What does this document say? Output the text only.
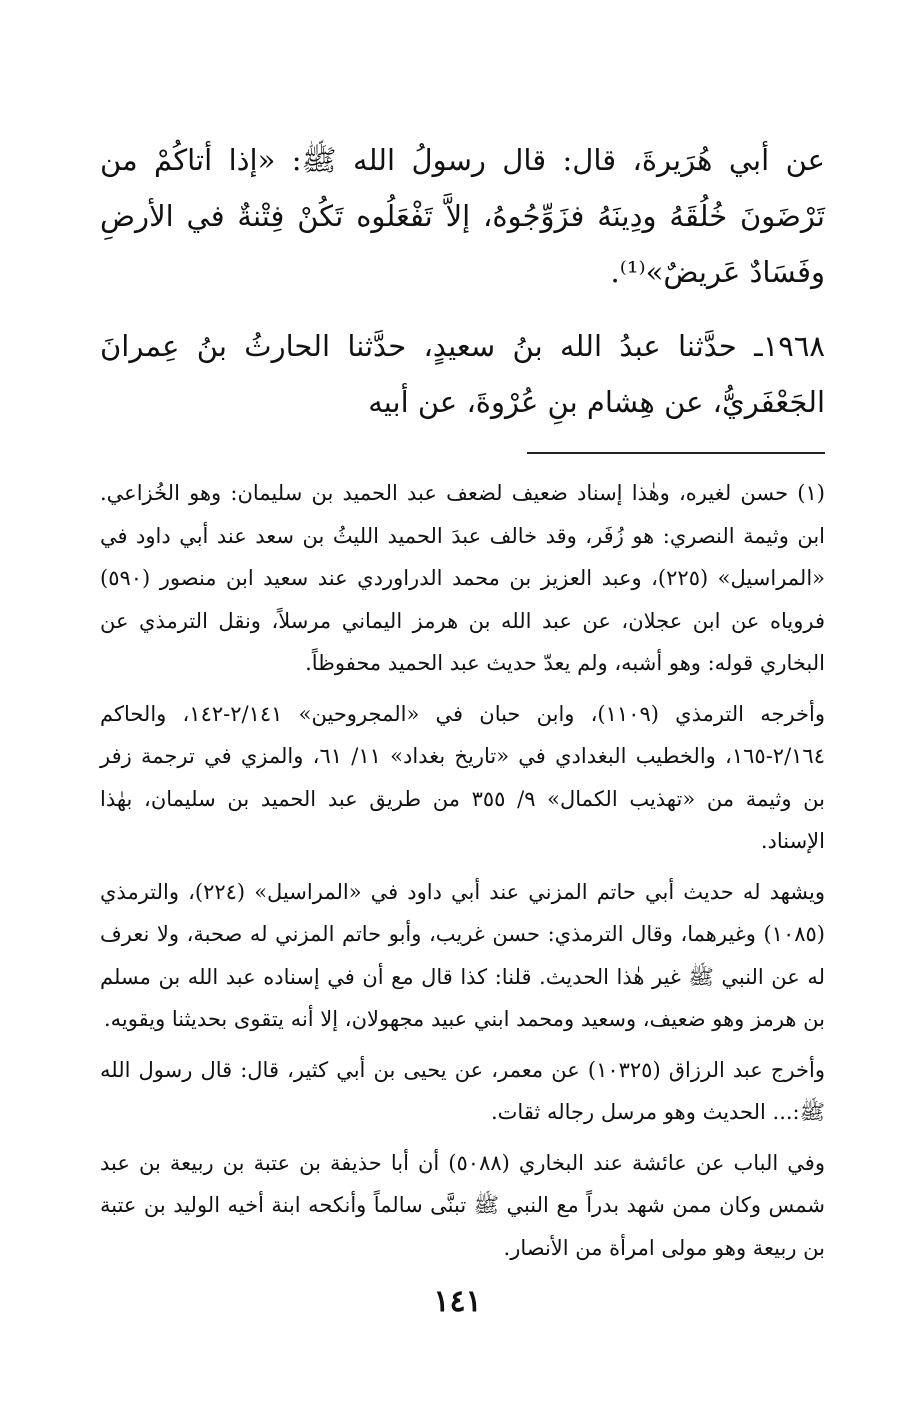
عن أبي هُرَيرةَ، قال: قال رسولُ الله ﷺ: «إذا أتاكُمْ من تَرْضَونَ خُلُقَهُ ودِينَهُ فزَوِّجُوهُ، إلاَّ تَفْعَلُوه تَكُنْ فِتْنةٌ في الأرضِ وفَسَادٌ عَريضٌ»⁽¹⁾.

١٩٦٨ـ حدَّثنا عبدُ الله بنُ سعيدٍ، حدَّثنا الحارثُ بنُ عِمرانَ الجَعْفَريُّ، عن هِشام بنِ عُرْوةَ، عن أبيه

(١) حسن لغيره، وهٰذا إسناد ضعيف لضعف عبد الحميد بن سليمان: وهو الخُزاعي. ابن وثيمة النصري: هو زُفَر، وقد خالف عبدَ الحميد الليثُ بن سعد عند أبي داود في «المراسيل» (٢٢٥)، وعبد العزيز بن محمد الدراوردي عند سعيد ابن منصور (٥٩٠) فروياه عن ابن عجلان، عن عبد الله بن هرمز اليماني مرسلاً، ونقل الترمذي عن البخاري قوله: وهو أشبه، ولم يعدّ حديث عبد الحميد محفوظاً.

وأخرجه الترمذي (١١٠٩)، وابن حبان في «المجروحين» ٢/١٤١-١٤٢، والحاكم ٢/١٦٤-١٦٥، والخطيب البغدادي في «تاريخ بغداد» ١١/ ٦١، والمزي في ترجمة زفر بن وثيمة من «تهذيب الكمال» ٩/ ٣٥٥ من طريق عبد الحميد بن سليمان، بهٰذا الإسناد.

ويشهد له حديث أبي حاتم المزني عند أبي داود في «المراسيل» (٢٢٤)، والترمذي (١٠٨٥) وغيرهما، وقال الترمذي: حسن غريب، وأبو حاتم المزني له صحبة، ولا نعرف له عن النبي ﷺ غير هٰذا الحديث. قلنا: كذا قال مع أن في إسناده عبد الله بن مسلم بن هرمز وهو ضعيف، وسعيد ومحمد ابني عبيد مجهولان، إلا أنه يتقوى بحديثنا ويقويه.

وأخرج عبد الرزاق (١٠٣٢٥) عن معمر، عن يحيى بن أبي كثير، قال: قال رسول الله ﷺ:... الحديث وهو مرسل رجاله ثقات.

وفي الباب عن عائشة عند البخاري (٥٠٨٨) أن أبا حذيفة بن عتبة بن ربيعة بن عبد شمس وكان ممن شهد بدراً مع النبي ﷺ تبنَّى سالماً وأنكحه ابنة أخيه الوليد بن عتبة بن ربيعة وهو مولى امرأة من الأنصار.

١٤١
